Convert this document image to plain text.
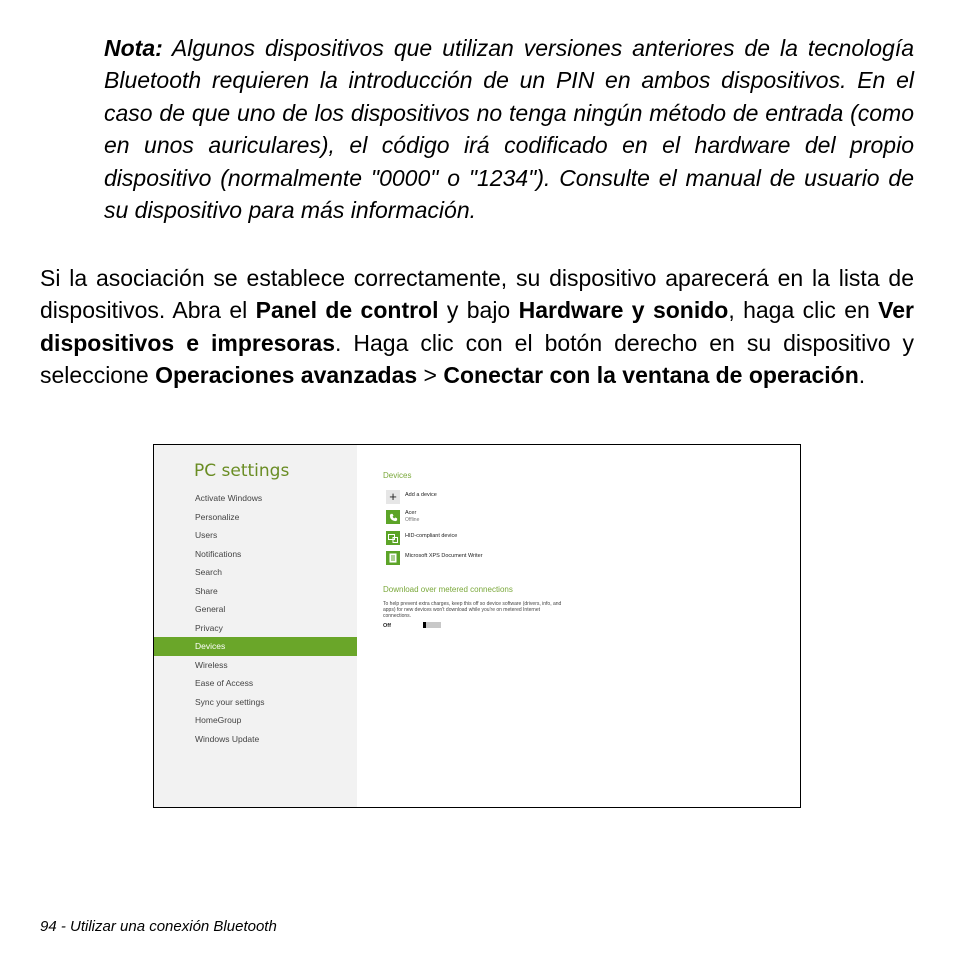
Nota: Algunos dispositivos que utilizan versiones anteriores de la tecnología Bluetooth requieren la introducción de un PIN en ambos dispositivos. En el caso de que uno de los dispositivos no tenga ningún método de entrada (como en unos auriculares), el código irá codificado en el hardware del propio dispositivo (normalmente "0000" o "1234"). Consulte el manual de usuario de su dispositivo para más información.

Si la asociación se establece correctamente, su dispositivo aparecerá en la lista de dispositivos. Abra el Panel de control y bajo Hardware y sonido, haga clic en Ver dispositivos e impresoras. Haga clic con el botón derecho en su dispositivo y seleccione Operaciones avanzadas > Conectar con la ventana de operación.

PC settings
Activate Windows
Personalize
Users
Notifications
Search
Share
General
Privacy
Devices
Wireless
Ease of Access
Sync your settings
HomeGroup
Windows Update
Devices
+	Add a device
Acer
Offline
HID-compliant device
Microsoft XPS Document Writer
Download over metered connections

To help prevent extra charges, keep this off so device software (drivers, info, and apps) for new devices won't download while you're on metered Internet connections.

Off
94 - Utilizar una conexión Bluetooth
